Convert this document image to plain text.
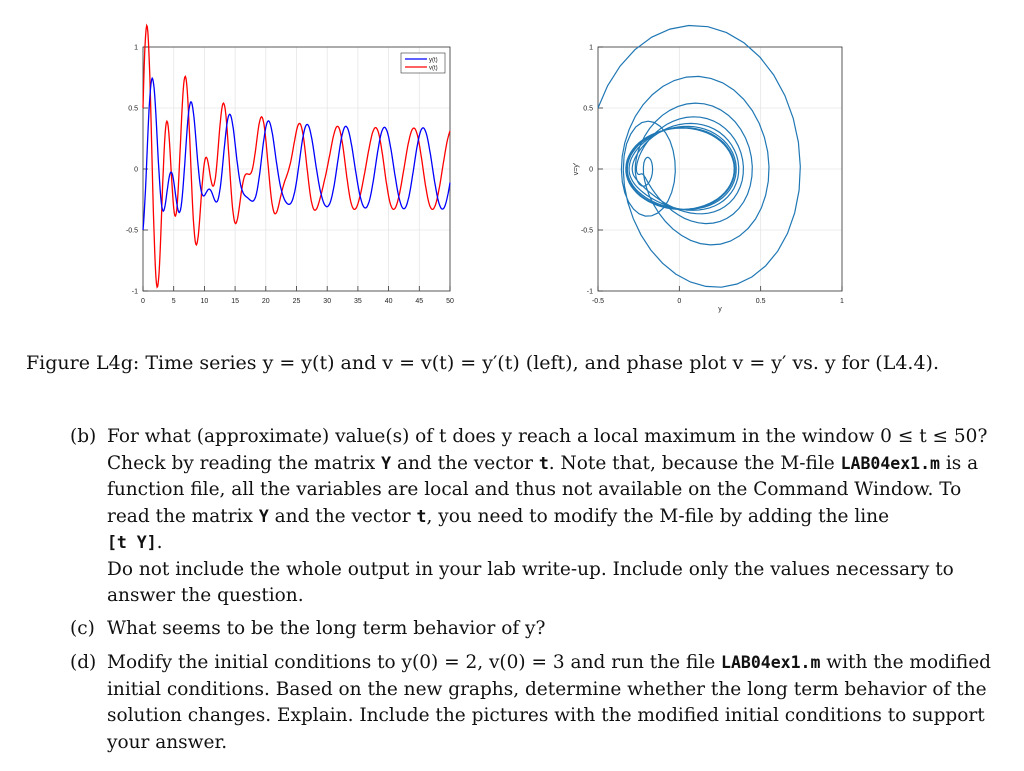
0	5	10	15	20	25	30	35	40	45	50
-1
-0.5
0
0.5
1
y(t)
v(t)
-0.5	0	0.5	1
-1
-0.5
0
0.5
1
y
v=y'
Figure L4g: Time series y = y(t) and v = v(t) = y′(t) (left), and phase plot v = y′ vs. y for (L4.4).
(b) For what (approximate) value(s) of t does y reach a local maximum in the window 0 ≤ t ≤ 50?
Check by reading the matrix Y and the vector t. Note that, because the M-file LAB04ex1.m is a function file, all the variables are local and thus not available on the Command Window. To read the matrix Y and the vector t, you need to modify the M-file by adding the line
[t Y].

Do not include the whole output in your lab write-up. Include only the values necessary to answer the question.

(c) What seems to be the long term behavior of y?

(d) Modify the initial conditions to y(0) = 2, v(0) = 3 and run the file LAB04ex1.m with the modified initial conditions. Based on the new graphs, determine whether the long term behavior of the solution changes. Explain. Include the pictures with the modified initial conditions to support your answer.
